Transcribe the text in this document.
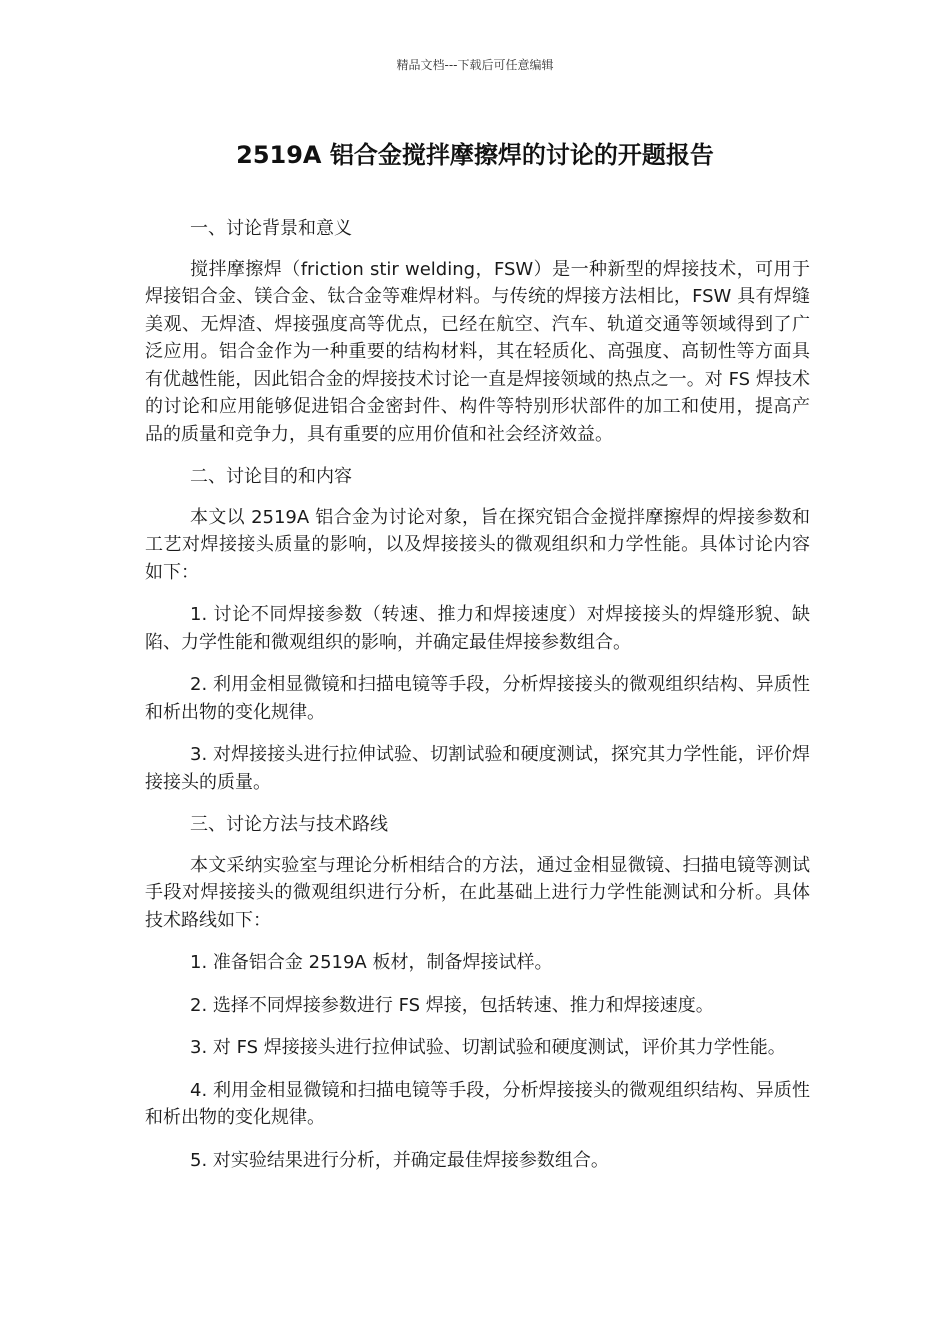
精品文档---下载后可任意编辑
2519A 铝合金搅拌摩擦焊的讨论的开题报告

一、讨论背景和意义

搅拌摩擦焊（friction stir welding，FSW）是一种新型的焊接技术，可用于焊接铝合金、镁合金、钛合金等难焊材料。与传统的焊接方法相比，FSW 具有焊缝美观、无焊渣、焊接强度高等优点，已经在航空、汽车、轨道交通等领域得到了广泛应用。铝合金作为一种重要的结构材料，其在轻质化、高强度、高韧性等方面具有优越性能，因此铝合金的焊接技术讨论一直是焊接领域的热点之一。对 FS 焊技术的讨论和应用能够促进铝合金密封件、构件等特别形状部件的加工和使用，提高产品的质量和竞争力，具有重要的应用价值和社会经济效益。

二、讨论目的和内容

本文以 2519A 铝合金为讨论对象，旨在探究铝合金搅拌摩擦焊的焊接参数和工艺对焊接接头质量的影响，以及焊接接头的微观组织和力学性能。具体讨论内容如下：

1. 讨论不同焊接参数（转速、推力和焊接速度）对焊接接头的焊缝形貌、缺陷、力学性能和微观组织的影响，并确定最佳焊接参数组合。

2. 利用金相显微镜和扫描电镜等手段，分析焊接接头的微观组织结构、异质性和析出物的变化规律。

3. 对焊接接头进行拉伸试验、切割试验和硬度测试，探究其力学性能，评价焊接接头的质量。

三、讨论方法与技术路线

本文采纳实验室与理论分析相结合的方法，通过金相显微镜、扫描电镜等测试手段对焊接接头的微观组织进行分析，在此基础上进行力学性能测试和分析。具体技术路线如下：

1. 准备铝合金 2519A 板材，制备焊接试样。

2. 选择不同焊接参数进行 FS 焊接，包括转速、推力和焊接速度。

3. 对 FS 焊接接头进行拉伸试验、切割试验和硬度测试，评价其力学性能。

4. 利用金相显微镜和扫描电镜等手段，分析焊接接头的微观组织结构、异质性和析出物的变化规律。

5. 对实验结果进行分析，并确定最佳焊接参数组合。
